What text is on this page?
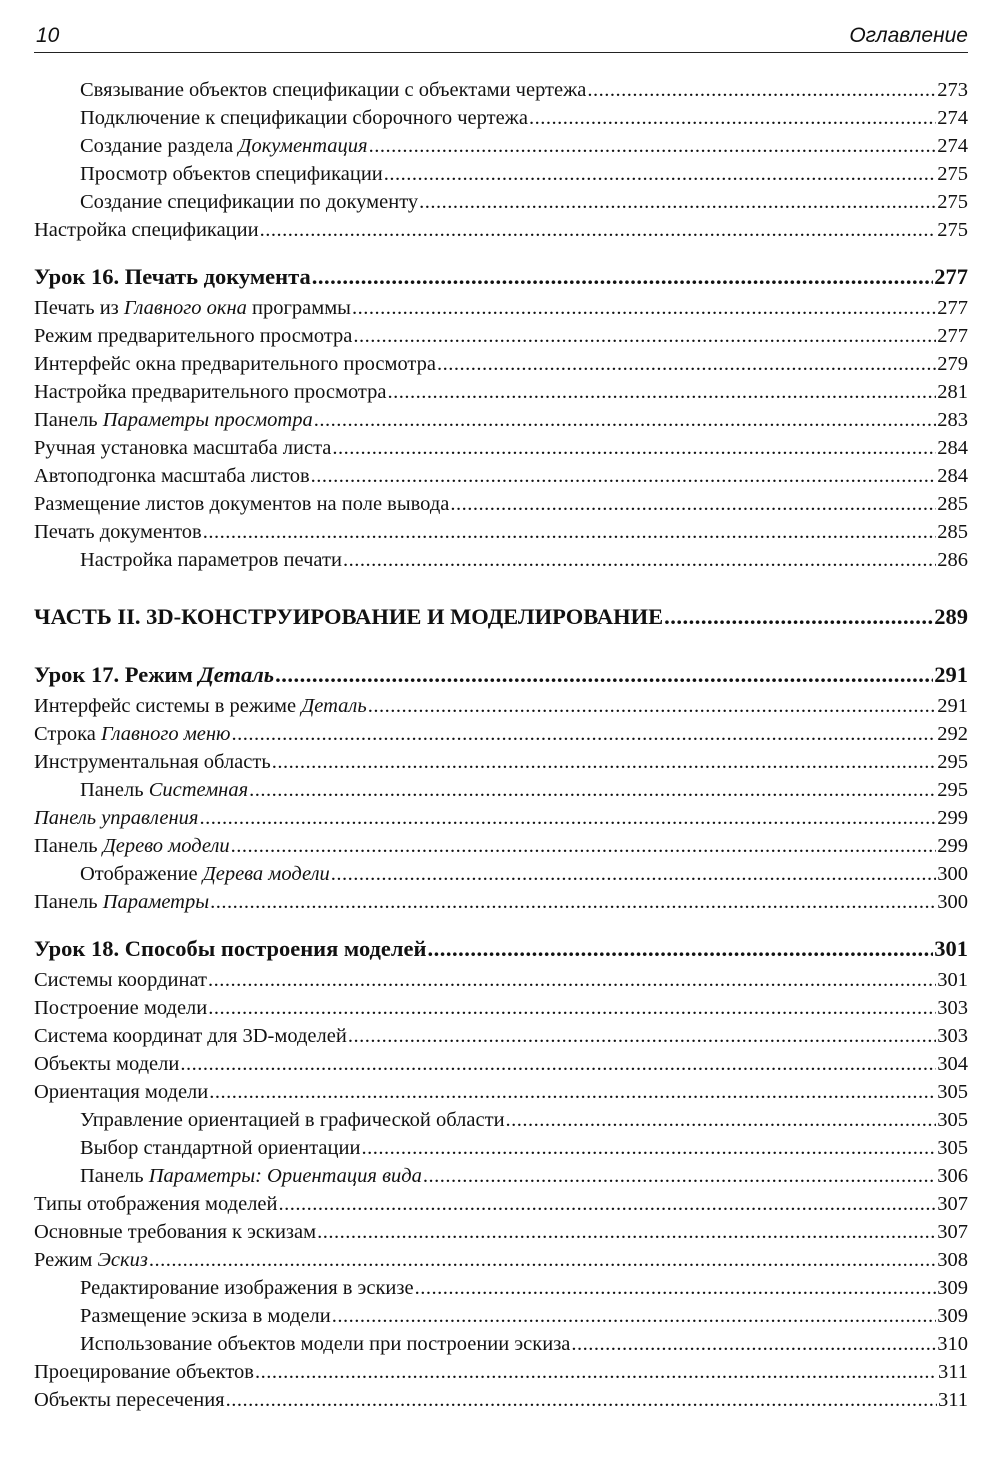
10	Оглавление
Связывание объектов спецификации с объектами чертежа .....	273
Подключение к спецификации сборочного чертежа .....	274
Создание раздела Документация .....	274
Просмотр объектов спецификации .....	275
Создание спецификации по документу .....	275
Настройка спецификации .....	275
Урок 16. Печать документа .....	277
Печать из Главного окна программы .....	277
Режим предварительного просмотра .....	277
Интерфейс окна предварительного просмотра .....	279
Настройка предварительного просмотра .....	281
Панель Параметры просмотра .....	283
Ручная установка масштаба листа .....	284
Автоподгонка масштаба листов .....	284
Размещение листов документов на поле вывода .....	285
Печать документов .....	285
Настройка параметров печати .....	286
ЧАСТЬ II. 3D-КОНСТРУИРОВАНИЕ И МОДЕЛИРОВАНИЕ .....	289
Урок 17. Режим Деталь .....	291
Интерфейс системы в режиме Деталь .....	291
Строка Главного меню .....	292
Инструментальная область .....	295
Панель Системная .....	295
Панель управления .....	299
Панель Дерево модели .....	299
Отображение Дерева модели .....	300
Панель Параметры .....	300
Урок 18. Способы построения моделей .....	301
Системы координат .....	301
Построение модели .....	303
Система координат для 3D-моделей .....	303
Объекты модели .....	304
Ориентация модели .....	305
Управление ориентацией в графической области .....	305
Выбор стандартной ориентации .....	305
Панель Параметры: Ориентация вида .....	306
Типы отображения моделей .....	307
Основные требования к эскизам .....	307
Режим Эскиз .....	308
Редактирование изображения в эскизе .....	309
Размещение эскиза в модели .....	309
Использование объектов модели при построении эскиза .....	310
Проецирование объектов .....	311
Объекты пересечения .....	311
